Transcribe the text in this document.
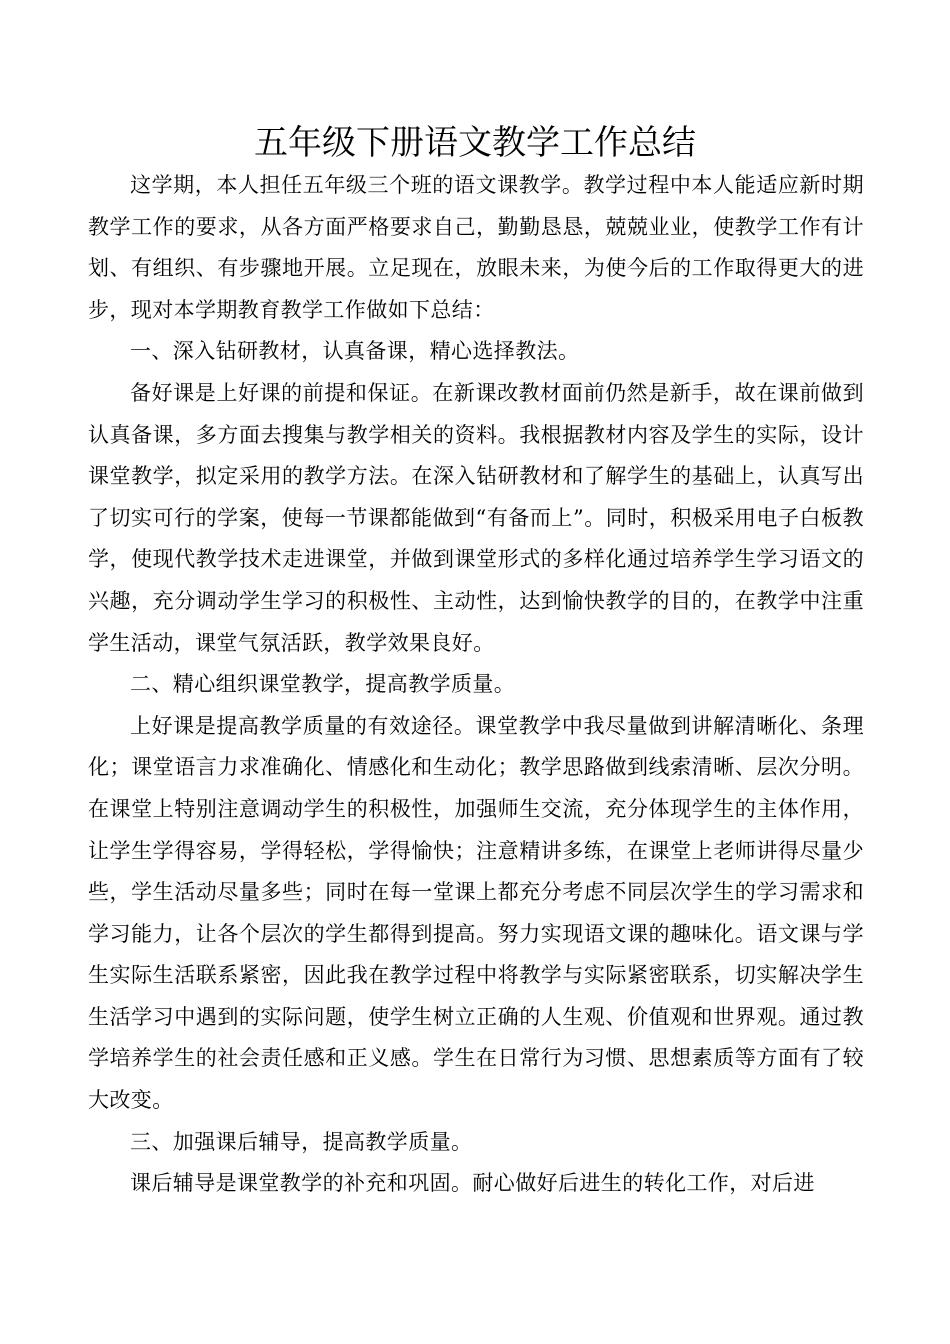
五年级下册语文教学工作总结

这学期，本人担任五年级三个班的语文课教学。教学过程中本人能适应新时期教学工作的要求，从各方面严格要求自己，勤勤恳恳，兢兢业业，使教学工作有计划、有组织、有步骤地开展。立足现在，放眼未来，为使今后的工作取得更大的进步，现对本学期教育教学工作做如下总结：

一、深入钻研教材，认真备课，精心选择教法。

备好课是上好课的前提和保证。在新课改教材面前仍然是新手，故在课前做到认真备课，多方面去搜集与教学相关的资料。我根据教材内容及学生的实际，设计课堂教学，拟定采用的教学方法。在深入钻研教材和了解学生的基础上，认真写出了切实可行的学案，使每一节课都能做到“有备而上”。同时，积极采用电子白板教学，使现代教学技术走进课堂，并做到课堂形式的多样化通过培养学生学习语文的兴趣，充分调动学生学习的积极性、主动性，达到愉快教学的目的，在教学中注重学生活动，课堂气氛活跃，教学效果良好。

二、精心组织课堂教学，提高教学质量。

上好课是提高教学质量的有效途径。课堂教学中我尽量做到讲解清晰化、条理化；课堂语言力求准确化、情感化和生动化；教学思路做到线索清晰、层次分明。在课堂上特别注意调动学生的积极性，加强师生交流，充分体现学生的主体作用，让学生学得容易，学得轻松，学得愉快；注意精讲多练，在课堂上老师讲得尽量少些，学生活动尽量多些；同时在每一堂课上都充分考虑不同层次学生的学习需求和学习能力，让各个层次的学生都得到提高。努力实现语文课的趣味化。语文课与学生实际生活联系紧密，因此我在教学过程中将教学与实际紧密联系，切实解决学生生活学习中遇到的实际问题，使学生树立正确的人生观、价值观和世界观。通过教学培养学生的社会责任感和正义感。学生在日常行为习惯、思想素质等方面有了较大改变。

三、加强课后辅导，提高教学质量。

课后辅导是课堂教学的补充和巩固。耐心做好后进生的转化工作，对后进
